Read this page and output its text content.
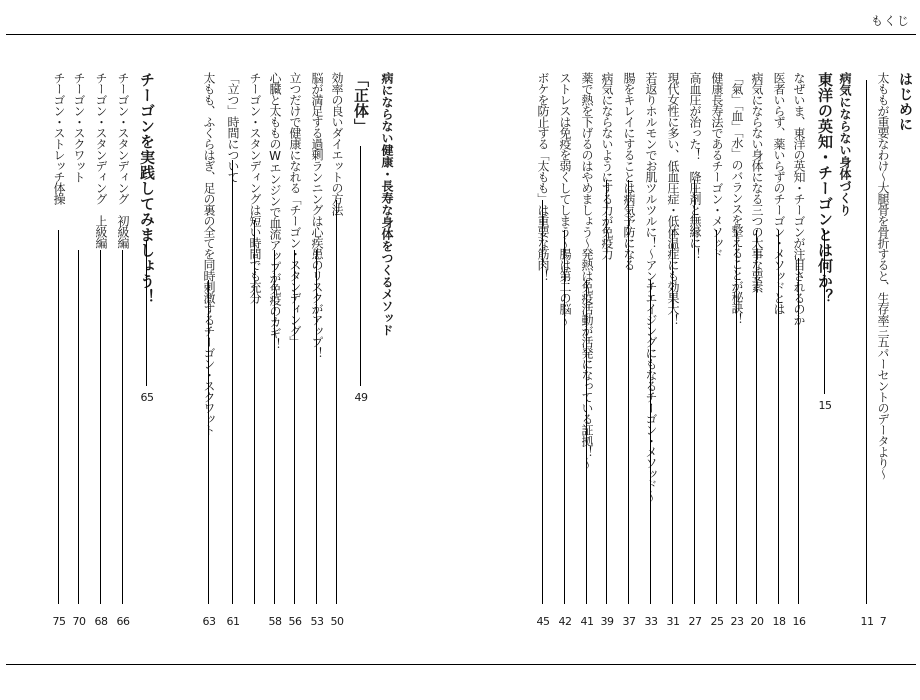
もくじ
はじめに
太ももが重要なわけ～大腿骨を骨折すると、生存率三五パーセントのデータより～
7
11
病気にならない身体づくり
東洋の英知・チーゴンとは何か？
15
なぜいま、東洋の英知・チーゴンが注目されるのか
16
医者いらず、薬いらずのチーゴン・メソッドとは
18
病気にならない身体になる三つの大事な要素
20
「氣」「血」「水」のバランスを整えることが秘訣！
23
健康長寿法であるチーゴン・メソッド
25
高血圧が治った！　降圧剤と無縁に！
27
現代女性に多い、低血圧症・低体温症にも効果大！
31
若返りホルモンでお肌ツルツルに！～アンチエイジングにもなるチーゴン・メソッド～
33
腸をキレイにすることは病気予防になる
37
病気にならないようにする力が免疫力
39
薬で熱を下げるのはやめましょう～発熱は免疫活動が活発になっている証拠！～
41
ストレスは免疫を弱くしてしまう～腸は第二の脳～
42
ボケを防止する「太もも」は重要な筋肉！
45
病にならない健康・長寿な身体をつくるメソッド
「正体」
49
効率の良いダイエットの方法
50
脳が満足する過剰ランニングは心疾患のリスクがアップ！
53
立つだけで健康になれる「チーゴン・スタンディング」
56
心臓と太もものWエンジンで血流アップが免疫のカギ！
58
チーゴン・スタンディングは短い時間でも充分
「立つ」時間について
61
太もも、ふくらはぎ、足の裏の全てを同時刺激するチーゴン・スクワット
63
チーゴンを実践してみましょう！
65
チーゴン・スタンディング　初級編
66
チーゴン・スタンディング　上級編
68
チーゴン・スクワット
70
チーゴン・ストレッチ体操
75
